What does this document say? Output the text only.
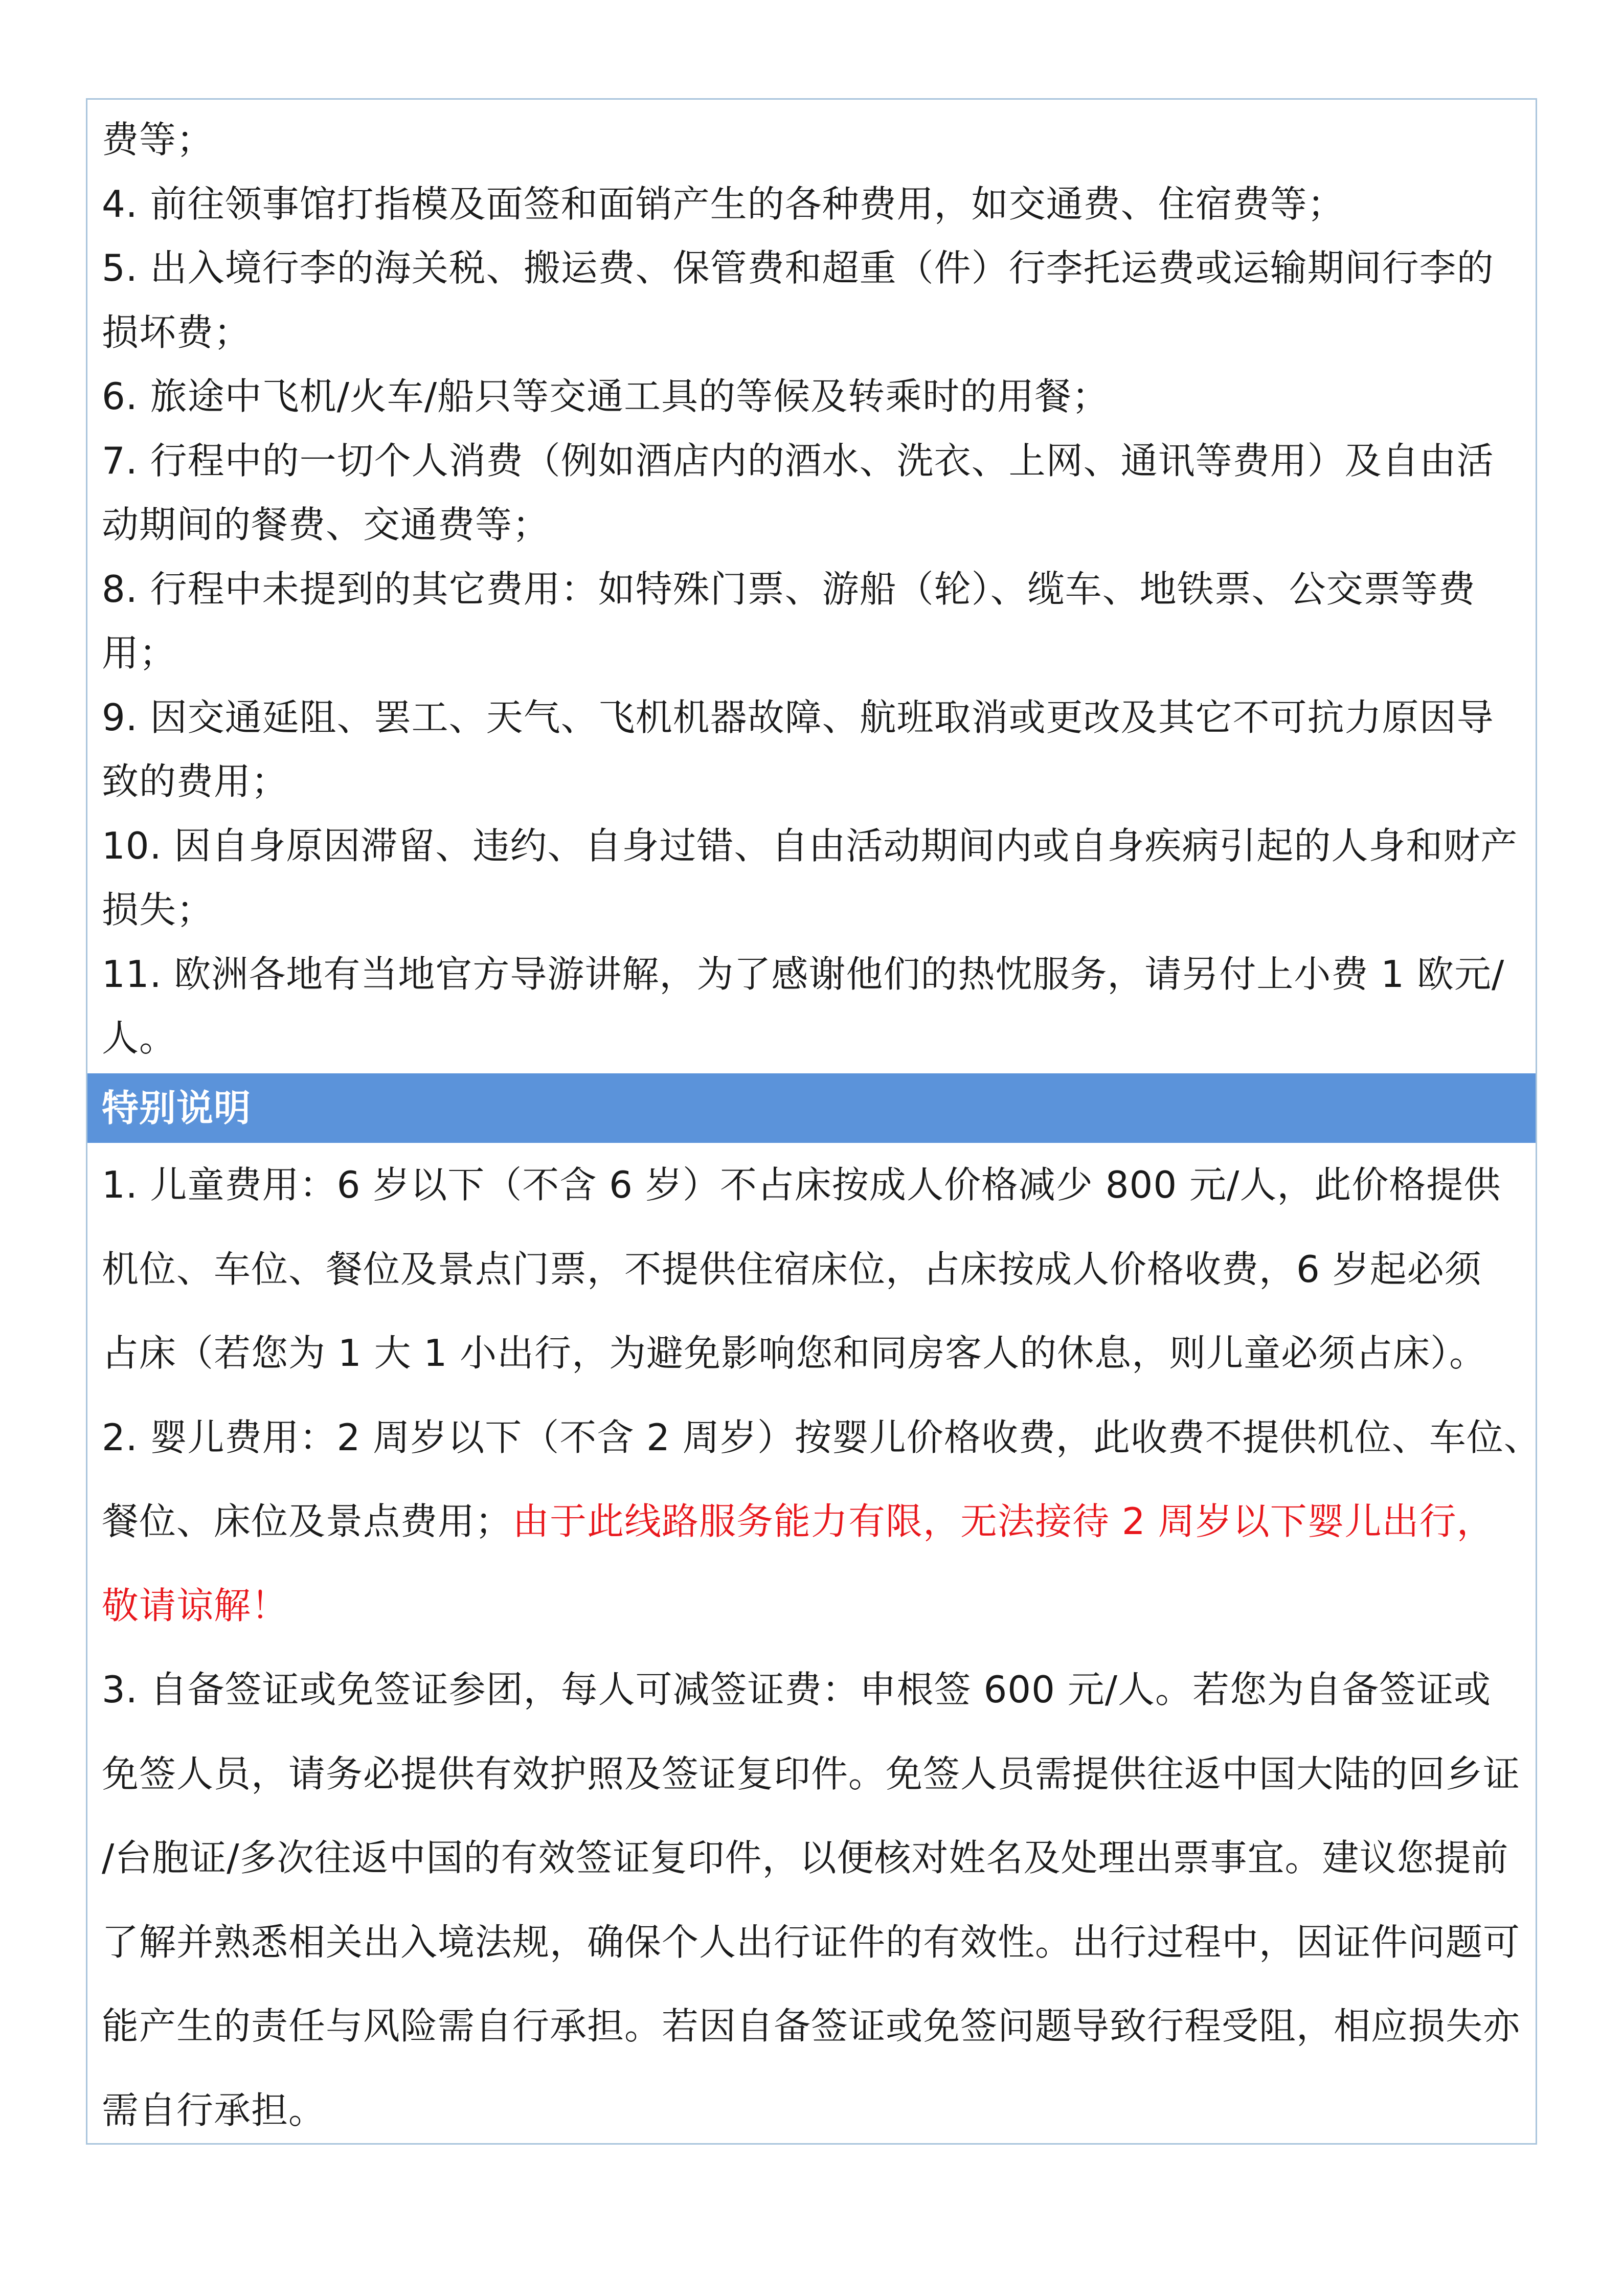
费等；
4. 前往领事馆打指模及面签和面销产生的各种费用，如交通费、住宿费等；
5. 出入境行李的海关税、搬运费、保管费和超重（件）行李托运费或运输期间行李的
损坏费；
6. 旅途中飞机/火车/船只等交通工具的等候及转乘时的用餐；
7. 行程中的一切个人消费（例如酒店内的酒水、洗衣、上网、通讯等费用）及自由活
动期间的餐费、交通费等；
8. 行程中未提到的其它费用：如特殊门票、游船（轮）、缆车、地铁票、公交票等费
用；
9. 因交通延阻、罢工、天气、飞机机器故障、航班取消或更改及其它不可抗力原因导
致的费用；
10. 因自身原因滞留、违约、自身过错、自由活动期间内或自身疾病引起的人身和财产
损失；
11. 欧洲各地有当地官方导游讲解，为了感谢他们的热忱服务，请另付上小费 1 欧元/
人。
特别说明
1. 儿童费用：6 岁以下（不含 6 岁）不占床按成人价格减少 800 元/人，此价格提供
机位、车位、餐位及景点门票，不提供住宿床位，占床按成人价格收费，6 岁起必须
占床（若您为 1 大 1 小出行，为避免影响您和同房客人的休息，则儿童必须占床）。
2. 婴儿费用：2 周岁以下（不含 2 周岁）按婴儿价格收费，此收费不提供机位、车位、
餐位、床位及景点费用；由于此线路服务能力有限，无法接待 2 周岁以下婴儿出行，
敬请谅解！
3. 自备签证或免签证参团，每人可减签证费：申根签 600 元/人。若您为自备签证或
免签人员，请务必提供有效护照及签证复印件。免签人员需提供往返中国大陆的回乡证
/台胞证/多次往返中国的有效签证复印件，以便核对姓名及处理出票事宜。建议您提前
了解并熟悉相关出入境法规，确保个人出行证件的有效性。出行过程中，因证件问题可
能产生的责任与风险需自行承担。若因自备签证或免签问题导致行程受阻，相应损失亦
需自行承担。
